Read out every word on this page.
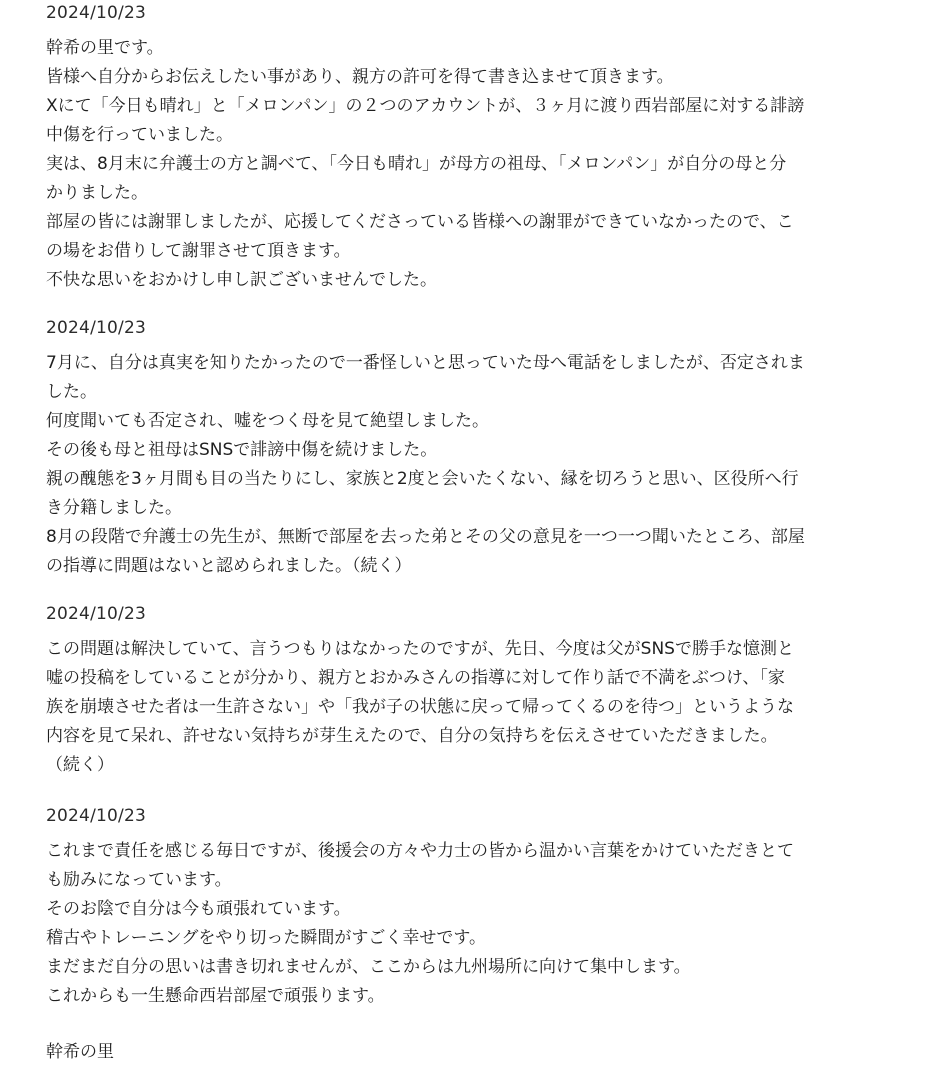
2024/10/23
幹希の里です。
皆様へ自分からお伝えしたい事があり、親方の許可を得て書き込ませて頂きます。
Xにて「今日も晴れ」と「メロンパン」の２つのアカウントが、３ヶ月に渡り西岩部屋に対する誹謗
中傷を行っていました。
実は、8月末に弁護士の方と調べて、「今日も晴れ」が母方の祖母、「メロンパン」が自分の母と分
かりました。
部屋の皆には謝罪しましたが、応援してくださっている皆様への謝罪ができていなかったので、こ
の場をお借りして謝罪させて頂きます。
不快な思いをおかけし申し訳ございませんでした。
2024/10/23
7月に、自分は真実を知りたかったので一番怪しいと思っていた母へ電話をしましたが、否定されま
した。
何度聞いても否定され、嘘をつく母を見て絶望しました。
その後も母と祖母はSNSで誹謗中傷を続けました。
親の醜態を3ヶ月間も目の当たりにし、家族と2度と会いたくない、縁を切ろうと思い、区役所へ行
き分籍しました。
8月の段階で弁護士の先生が、無断で部屋を去った弟とその父の意見を一つ一つ聞いたところ、部屋
の指導に問題はないと認められました。（続く）
2024/10/23
この問題は解決していて、言うつもりはなかったのですが、先日、今度は父がSNSで勝手な憶測と
嘘の投稿をしていることが分かり、親方とおかみさんの指導に対して作り話で不満をぶつけ、「家
族を崩壊させた者は一生許さない」や「我が子の状態に戻って帰ってくるのを待つ」というような
内容を見て呆れ、許せない気持ちが芽生えたので、自分の気持ちを伝えさせていただきました。
（続く）
2024/10/23
これまで責任を感じる毎日ですが、後援会の方々や力士の皆から温かい言葉をかけていただきとて
も励みになっています。
そのお陰で自分は今も頑張れています。
稽古やトレーニングをやり切った瞬間がすごく幸せです。
まだまだ自分の思いは書き切れませんが、ここからは九州場所に向けて集中します。
これからも一生懸命西岩部屋で頑張ります。
幹希の里
